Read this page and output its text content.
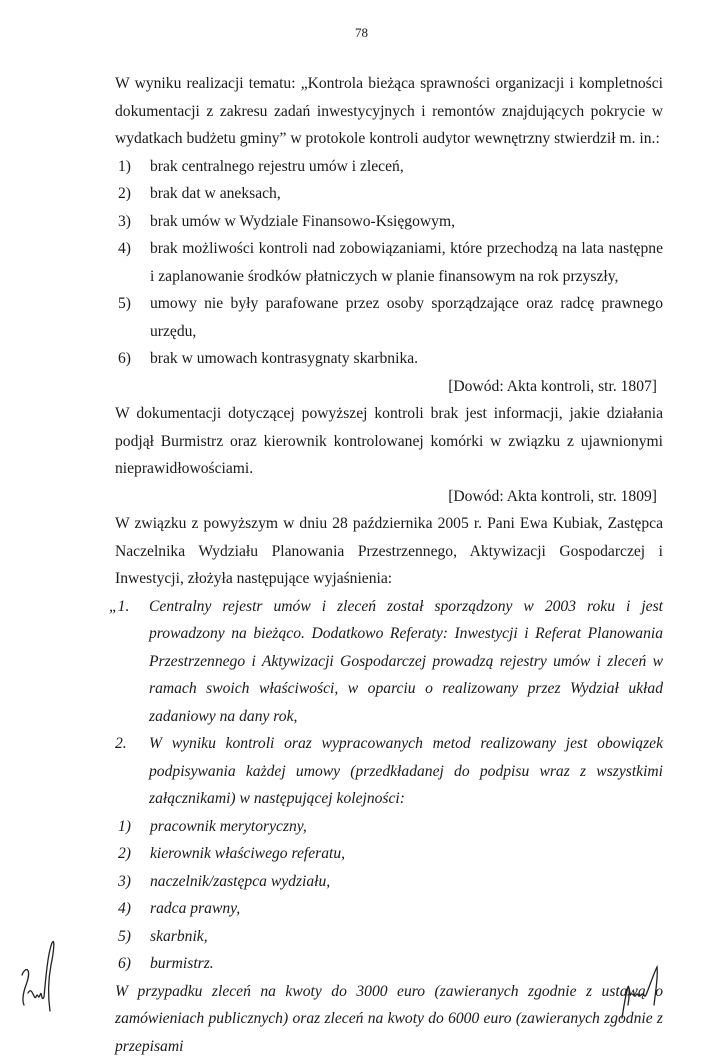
78

W wyniku realizacji tematu: „Kontrola bieżąca sprawności organizacji i kompletności dokumentacji z zakresu zadań inwestycyjnych i remontów znajdujących pokrycie w wydatkach budżetu gminy” w protokole kontroli audytor wewnętrzny stwierdził m. in.:

1) brak centralnego rejestru umów i zleceń,
2) brak dat w aneksach,
3) brak umów w Wydziale Finansowo-Księgowym,
4) brak możliwości kontroli nad zobowiązaniami, które przechodzą na lata następne i zaplanowanie środków płatniczych w planie finansowym na rok przyszły,
5) umowy nie były parafowane przez osoby sporządzające oraz radcę prawnego urzędu,
6) brak w umowach kontrasygnaty skarbnika.
[Dowód: Akta kontroli, str. 1807]

W dokumentacji dotyczącej powyższej kontroli brak jest informacji, jakie działania podjął Burmistrz oraz kierownik kontrolowanej komórki w związku z ujawnionymi nieprawidłowościami.

[Dowód: Akta kontroli, str. 1809]

W związku z powyższym w dniu 28 października 2005 r. Pani Ewa Kubiak, Zastępca Naczelnika Wydziału Planowania Przestrzennego, Aktywizacji Gospodarczej i Inwestycji, złożyła następujące wyjaśnienia:

„1. Centralny rejestr umów i zleceń został sporządzony w 2003 roku i jest prowadzony na bieżąco. Dodatkowo Referaty: Inwestycji i Referat Planowania Przestrzennego i Aktywizacji Gospodarczej prowadzą rejestry umów i zleceń w ramach swoich właściwości, w oparciu o realizowany przez Wydział układ zadaniowy na dany rok,
2. W wyniku kontroli oraz wypracowanych metod realizowany jest obowiązek podpisywania każdej umowy (przedkładanej do podpisu wraz z wszystkimi załącznikami) w następującej kolejności:
1) pracownik merytoryczny,
2) kierownik właściwego referatu,
3) naczelnik/zastępca wydziału,
4) radca prawny,
5) skarbnik,
6) burmistrz.

W przypadku zleceń na kwoty do 3000 euro (zawieranych zgodnie z ustawą o zamówieniach publicznych) oraz zleceń na kwoty do 6000 euro (zawieranych zgodnie z przepisami
